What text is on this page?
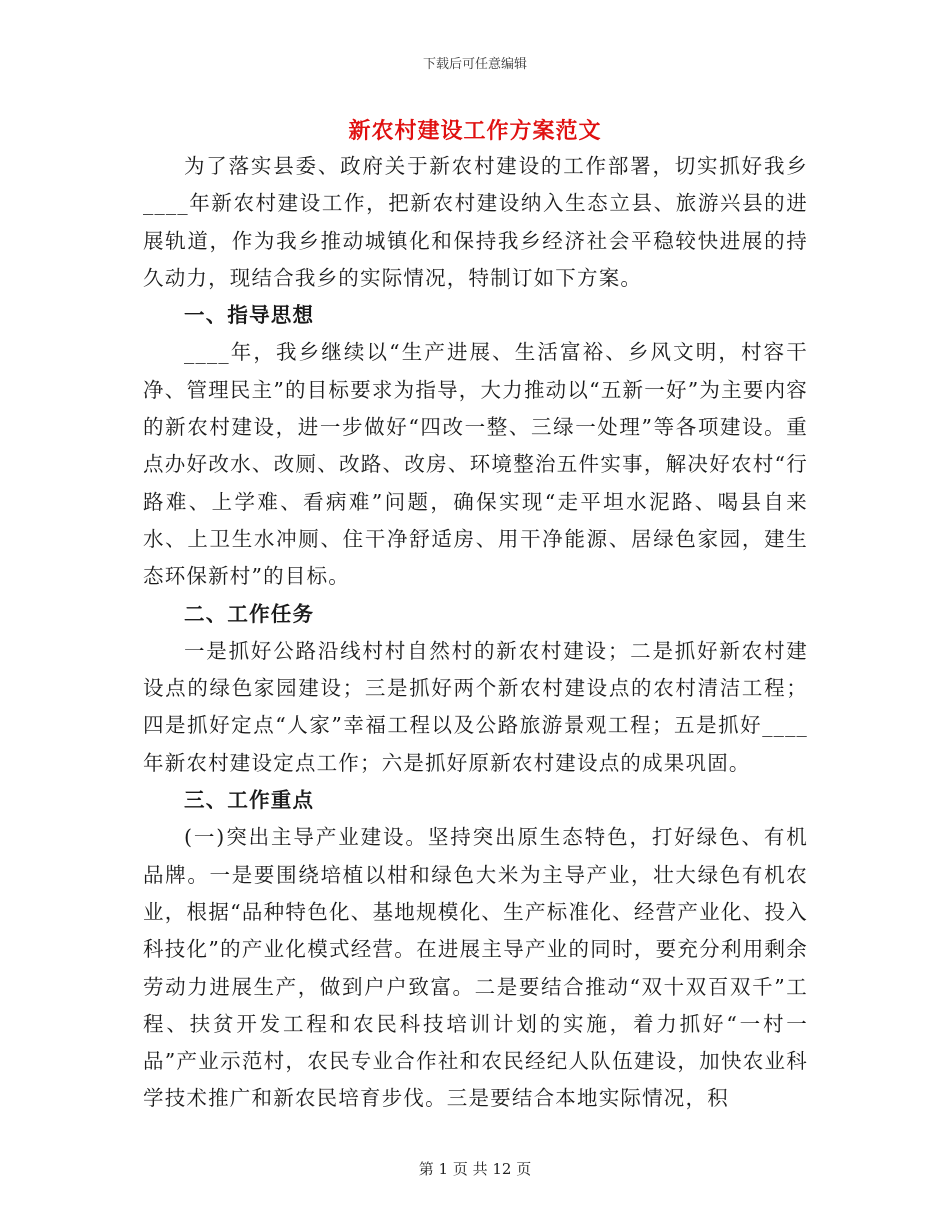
下载后可任意编辑
新农村建设工作方案范文

为了落实县委、政府关于新农村建设的工作部署，切实抓好我乡____年新农村建设工作，把新农村建设纳入生态立县、旅游兴县的进展轨道，作为我乡推动城镇化和保持我乡经济社会平稳较快进展的持久动力，现结合我乡的实际情况，特制订如下方案。

一、指导思想

____年，我乡继续以“生产进展、生活富裕、乡风文明，村容干净、管理民主”的目标要求为指导，大力推动以“五新一好”为主要内容的新农村建设，进一步做好“四改一整、三绿一处理”等各项建设。重点办好改水、改厕、改路、改房、环境整治五件实事，解决好农村“行路难、上学难、看病难”问题，确保实现“走平坦水泥路、喝县自来水、上卫生水冲厕、住干净舒适房、用干净能源、居绿色家园，建生态环保新村”的目标。

二、工作任务

一是抓好公路沿线村村自然村的新农村建设；二是抓好新农村建设点的绿色家园建设；三是抓好两个新农村建设点的农村清洁工程；四是抓好定点“人家”幸福工程以及公路旅游景观工程；五是抓好____年新农村建设定点工作；六是抓好原新农村建设点的成果巩固。

三、工作重点

(一)突出主导产业建设。坚持突出原生态特色，打好绿色、有机品牌。一是要围绕培植以柑和绿色大米为主导产业，壮大绿色有机农业，根据“品种特色化、基地规模化、生产标准化、经营产业化、投入科技化”的产业化模式经营。在进展主导产业的同时，要充分利用剩余劳动力进展生产，做到户户致富。二是要结合推动“双十双百双千”工程、扶贫开发工程和农民科技培训计划的实施，着力抓好“一村一品”产业示范村，农民专业合作社和农民经纪人队伍建设，加快农业科学技术推广和新农民培育步伐。三是要结合本地实际情况，积

第 1 页 共 12 页
